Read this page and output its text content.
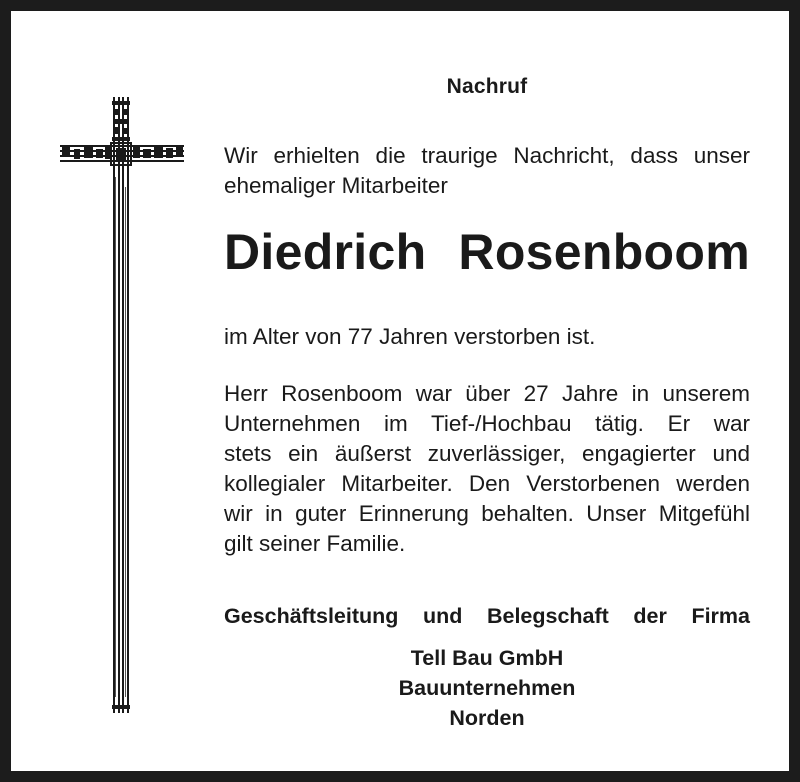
Nachruf

Wir erhielten die traurige Nachricht, dass unser
ehemaliger Mitarbeiter

Diedrich Rosenboom

im Alter von 77 Jahren verstorben ist.

Herr Rosenboom war über 27 Jahre in unserem
Unternehmen im Tief-/Hochbau tätig. Er war
stets ein äußerst zuverlässiger, engagierter und
kollegialer Mitarbeiter. Den Verstorbenen werden
wir in guter Erinnerung behalten. Unser Mitgefühl
gilt seiner Familie.

Geschäftsleitung und Belegschaft der Firma

Tell Bau GmbH
Bauunternehmen
Norden
